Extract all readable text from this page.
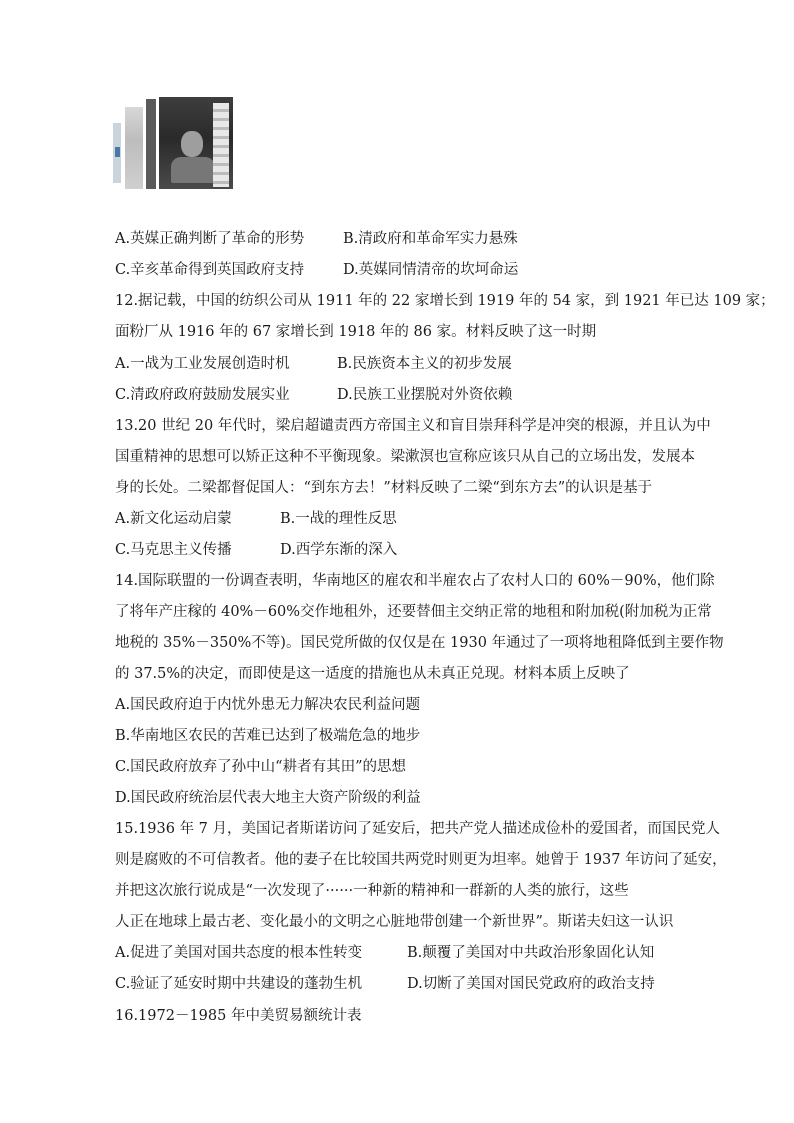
A.英媒正确判断了革命的形势	B.清政府和革命军实力悬殊
C.辛亥革命得到英国政府支持	D.英媒同情清帝的坎坷命运
12.据记载，中国的纺织公司从 1911 年的 22 家增长到 1919 年的 54 家，到 1921 年已达 109 家；
面粉厂从 1916 年的 67 家增长到 1918 年的 86 家。材料反映了这一时期
A.一战为工业发展创造时机	B.民族资本主义的初步发展
C.清政府政府鼓励发展实业	D.民族工业摆脱对外资依赖
13.20 世纪 20 年代时，梁启超谴责西方帝国主义和盲目崇拜科学是冲突的根源，并且认为中
国重精神的思想可以矫正这种不平衡现象。梁漱溟也宣称应该只从自己的立场出发，发展本
身的长处。二梁都督促国人：“到东方去！”材料反映了二梁“到东方去”的认识是基于
A.新文化运动启蒙	B.一战的理性反思
C.马克思主义传播	D.西学东渐的深入
14.国际联盟的一份调查表明，华南地区的雇农和半雇农占了农村人口的 60%－90%，他们除
了将年产庄稼的 40%－60%交作地租外，还要替佃主交纳正常的地租和附加税(附加税为正常
地税的 35%－350%不等)。国民党所做的仅仅是在 1930 年通过了一项将地租降低到主要作物
的 37.5%的决定，而即使是这一适度的措施也从未真正兑现。材料本质上反映了
A.国民政府迫于内忧外患无力解决农民利益问题
B.华南地区农民的苦难已达到了极端危急的地步
C.国民政府放弃了孙中山“耕者有其田”的思想
D.国民政府统治层代表大地主大资产阶级的利益
15.1936 年 7 月，美国记者斯诺访问了延安后，把共产党人描述成俭朴的爱国者，而国民党人
则是腐败的不可信教者。他的妻子在比较国共两党时则更为坦率。她曾于 1937 年访问了延安，
并把这次旅行说成是“一次发现了······一种新的精神和一群新的人类的旅行，这些
人正在地球上最古老、变化最小的文明之心脏地带创建一个新世界”。斯诺夫妇这一认识
A.促进了美国对国共态度的根本性转变	B.颠覆了美国对中共政治形象固化认知
C.验证了延安时期中共建设的蓬勃生机	D.切断了美国对国民党政府的政治支持
16.1972－1985 年中美贸易额统计表
